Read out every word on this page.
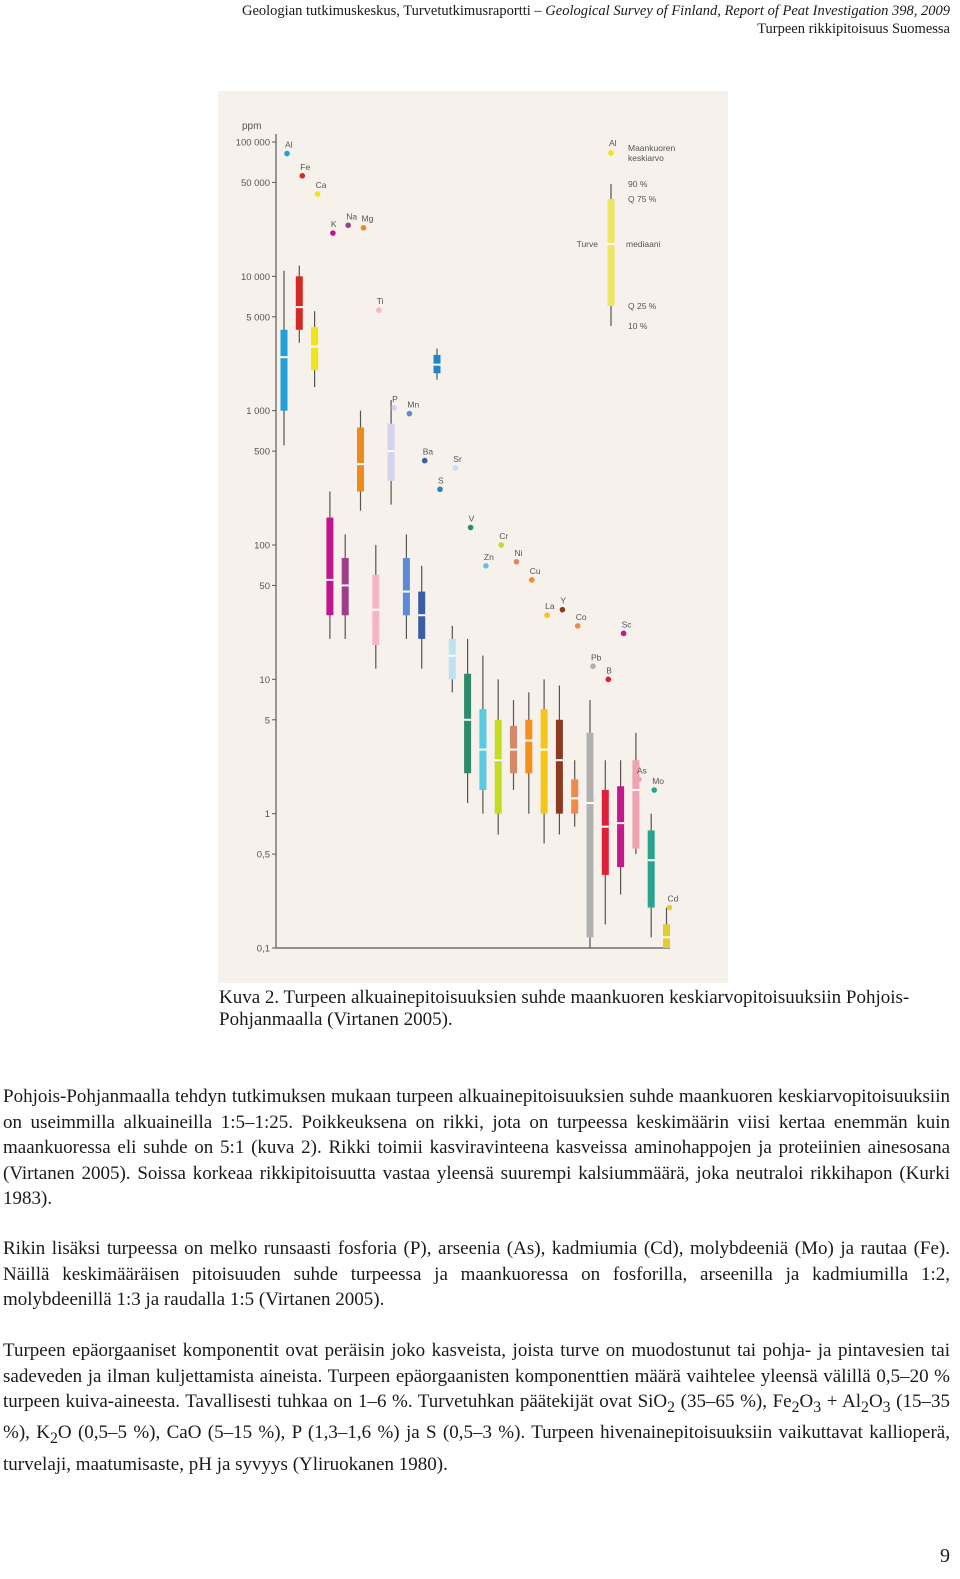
Geologian tutkimuskeskus, Turvetutkimusraportti – Geological Survey of Finland, Report of Peat Investigation 398, 2009
Turpeen rikkipitoisuus Suomessa
ppm
100 000
50 000
10 000
5 000
1 000
500
100
50
10
5
1
0,5
0,1
Al
Fe
Ca
K
Na Mg
Ti
P
Mn
Ba
S
Sr
V
Zn
Cr
Ni
Cu
La
Y
Co
Pb
B
Sc
As
Mo
Cd
Al Maankuoren
keskiarvo
90 %
Q 75 %
Turve	mediaani
Q 25 %
10 %
Kuva 2. Turpeen alkuainepitoisuuksien suhde maankuoren keskiarvopitoisuuksiin Pohjois-Pohjanmaalla (Virtanen 2005).

Pohjois-Pohjanmaalla tehdyn tutkimuksen mukaan turpeen alkuainepitoisuuksien suhde maankuoren keskiarvopitoisuuksiin on useimmilla alkuaineilla 1:5–1:25. Poikkeuksena on rikki, jota on turpeessa keskimäärin viisi kertaa enemmän kuin maankuoressa eli suhde on 5:1 (kuva 2). Rikki toimii kasviravinteena kasveissa aminohappojen ja proteiinien ainesosana (Virtanen 2005). Soissa korkeaa rikkipitoisuutta vastaa yleensä suurempi kalsiummäärä, joka neutraloi rikkihapon (Kurki 1983).

Rikin lisäksi turpeessa on melko runsaasti fosforia (P), arseenia (As), kadmiumia (Cd), molybdeeniä (Mo) ja rautaa (Fe). Näillä keskimääräisen pitoisuuden suhde turpeessa ja maankuoressa on fosforilla, arseenilla ja kadmiumilla 1:2, molybdeenillä 1:3 ja raudalla 1:5 (Virtanen 2005).

Turpeen epäorgaaniset komponentit ovat peräisin joko kasveista, joista turve on muodostunut tai pohja- ja pintavesien tai sadeveden ja ilman kuljettamista aineista. Turpeen epäorgaanisten komponenttien määrä vaihtelee yleensä välillä 0,5–20 % turpeen kuiva-aineesta. Tavallisesti tuhkaa on 1–6 %. Turvetuhkan päätekijät ovat SiO$_2$ (35–65 %), $Fe_2O_3 + Al_2O_3$ (15–35 %), $K_2O$ (0,5–5 %), CaO (5–15 %), P (1,3–1,6 %) ja S (0,5–3 %). Turpeen hivenainepitoisuuksiin vaikuttavat kallioperä, turvelaji, maatumisaste, pH ja syvyys (Yliruokanen 1980).

9
